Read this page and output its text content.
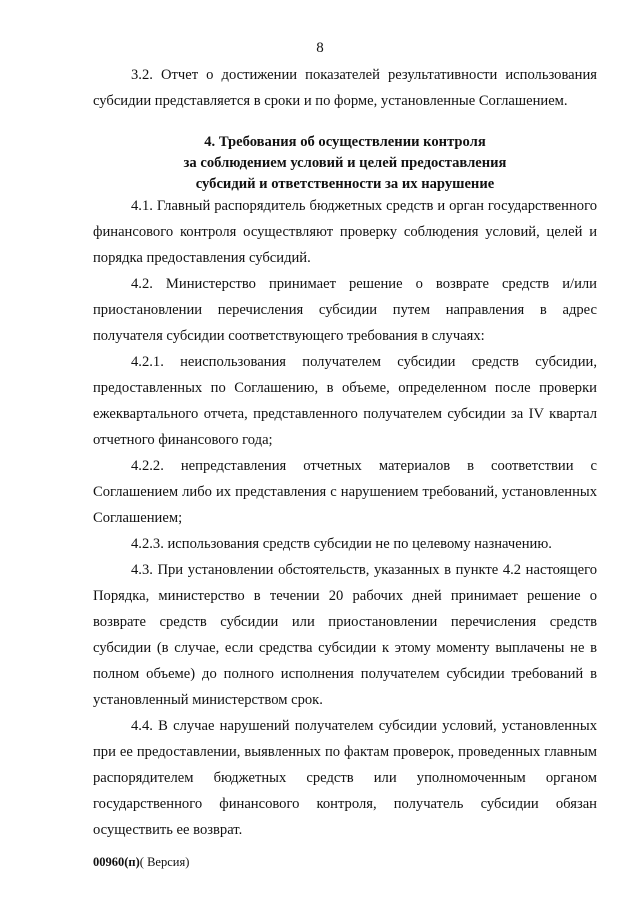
8

3.2. Отчет о достижении показателей результативности использования субсидии представляется в сроки и по форме, установленные Соглашением.

4. Требования об осуществлении контроля
за соблюдением условий и целей предоставления
субсидий и ответственности за их нарушение

4.1. Главный распорядитель бюджетных средств и орган государственного финансового контроля осуществляют проверку соблюдения условий, целей и порядка предоставления субсидий.

4.2. Министерство принимает решение о возврате средств и/или приостановлении перечисления субсидии путем направления в адрес получателя субсидии соответствующего требования в случаях:

4.2.1. неиспользования получателем субсидии средств субсидии, предоставленных по Соглашению, в объеме, определенном после проверки ежеквартального отчета, представленного получателем субсидии за IV квартал отчетного финансового года;

4.2.2. непредставления отчетных материалов в соответствии с Соглашением либо их представления с нарушением требований, установленных Соглашением;

4.2.3. использования средств субсидии не по целевому назначению.

4.3. При установлении обстоятельств, указанных в пункте 4.2 настоящего Порядка, министерство в течении 20 рабочих дней принимает решение о возврате средств субсидии или приостановлении перечисления средств субсидии (в случае, если средства субсидии к этому моменту выплачены не в полном объеме) до полного исполнения получателем субсидии требований в установленный министерством срок.

4.4. В случае нарушений получателем субсидии условий, установленных при ее предоставлении, выявленных по фактам проверок, проведенных главным распорядителем бюджетных средств или уполномоченным органом государственного финансового контроля, получатель субсидии обязан осуществить ее возврат.

00960(п)( Версия)
